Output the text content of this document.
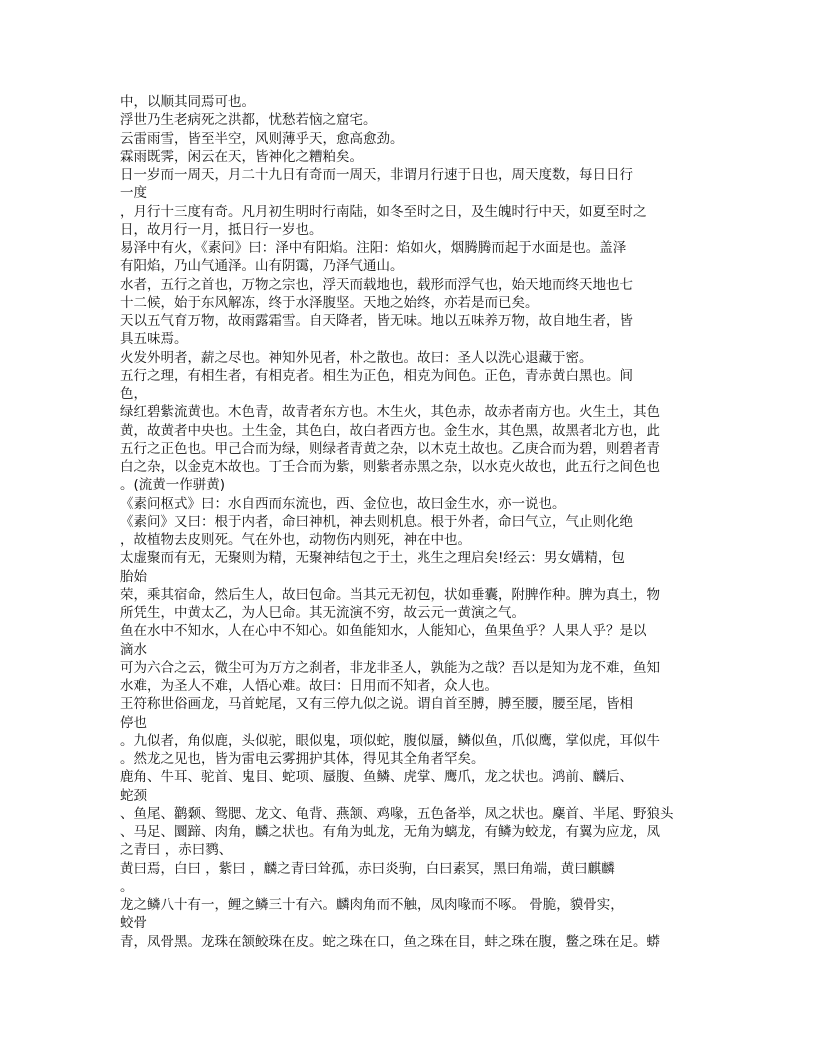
中，以顺其同焉可也。
浮世乃生老病死之洪都，忧愁若恼之窟宅。
云雷雨雪，皆至半空，风则薄乎天，愈高愈劲。
霖雨既霁，闲云在天，皆神化之糟粕矣。
日一岁而一周天，月二十九日有奇而一周天，非谓月行速于日也，周天度数，每日日行
一度
，月行十三度有奇。凡月初生明时行南陆，如冬至时之日，及生魄时行中天，如夏至时之
日，故月行一月，抵日行一岁也。
易泽中有火，《素问》曰：泽中有阳焰。注阳：焰如火，烟腾腾而起于水面是也。盖泽
有阳焰，乃山气通泽。山有阴霭，乃泽气通山。
水者，五行之首也，万物之宗也，浮天而载地也，载形而浮气也，始天地而终天地也七
十二候，始于东风解冻，终于水泽腹坚。天地之始终，亦若是而已矣。
天以五气育万物，故雨露霜雪。自天降者，皆无味。地以五味养万物，故自地生者，皆
具五味焉。
火发外明者，薪之尽也。神知外见者，朴之散也。故曰：圣人以洗心退藏于密。
五行之理，有相生者，有相克者。相生为正色，相克为间色。正色，青赤黄白黑也。间
色，
绿红碧紫流黄也。木色青，故青者东方也。木生火，其色赤，故赤者南方也。火生土，其色
黄，故黄者中央也。土生金，其色白，故白者西方也。金生水，其色黑，故黑者北方也，此
五行之正色也。甲己合而为绿，则绿者青黄之杂，以木克土故也。乙庚合而为碧，则碧者青
白之杂，以金克木故也。丁壬合而为紫，则紫者赤黑之杂，以水克火故也，此五行之间色也
。(流黄一作骈黄)
《素问枢式》曰：水自西而东流也，西、金位也，故曰金生水，亦一说也。
《素问》又曰：根于内者，命曰神机，神去则机息。根于外者，命曰气立，气止则化绝
，故植物去皮则死。气在外也，动物伤内则死，神在中也。
太虚聚而有无，无聚则为精，无聚神结包之于土，兆生之理启矣!经云：男女媾精，包
胎始
荣，乘其宿命，然后生人，故曰包命。当其元无初包，状如垂囊，附脾作种。脾为真土，物
所凭生，中黄太乙，为人巳命。其无流演不穷，故云元一黄演之气。
鱼在水中不知水，人在心中不知心。如鱼能知水，人能知心，鱼果鱼乎？人果人乎？是以
滴水
可为六合之云，微尘可为万方之刹者，非龙非圣人，孰能为之哉？吾以是知为龙不难，鱼知
水难，为圣人不难，人悟心难。故曰：日用而不知者，众人也。
王符称世俗画龙，马首蛇尾，又有三停九似之说。谓自首至膊，膊至腰，腰至尾，皆相
停也
。九似者，角似鹿，头似驼，眼似鬼，项似蛇，腹似蜃，鳞似鱼，爪似鹰，掌似虎，耳似牛
。然龙之见也，皆为雷电云雾拥护其体，得见其全角者罕矣。
鹿角、牛耳、驼首、鬼目、蛇项、蜃腹、鱼鳞、虎掌、鹰爪，龙之状也。鸿前、麟后、
蛇颈
、鱼尾、鹳颡、鸳腮、龙文、龟背、燕颔、鸡喙，五色备举，凤之状也。麇首、半尾、野狼头
、马足、圜蹄、肉角，麟之状也。有角为虬龙，无角为螭龙，有鳞为蛟龙，有翼为应龙，凤
之青曰 ，赤曰鹨、
黄曰焉，白曰 ，紫曰 ，麟之青曰耸孤，赤曰炎驹，白曰素冥，黑曰角端，黄曰麒麟
。
龙之鳞八十有一，鲤之鳞三十有六。麟肉角而不触，凤肉喙而不啄。 骨脆，貘骨实，
蛟骨
青，凤骨黑。龙珠在颔鲛珠在皮。蛇之珠在口，鱼之珠在目，蚌之珠在腹，鳖之珠在足。蟒
